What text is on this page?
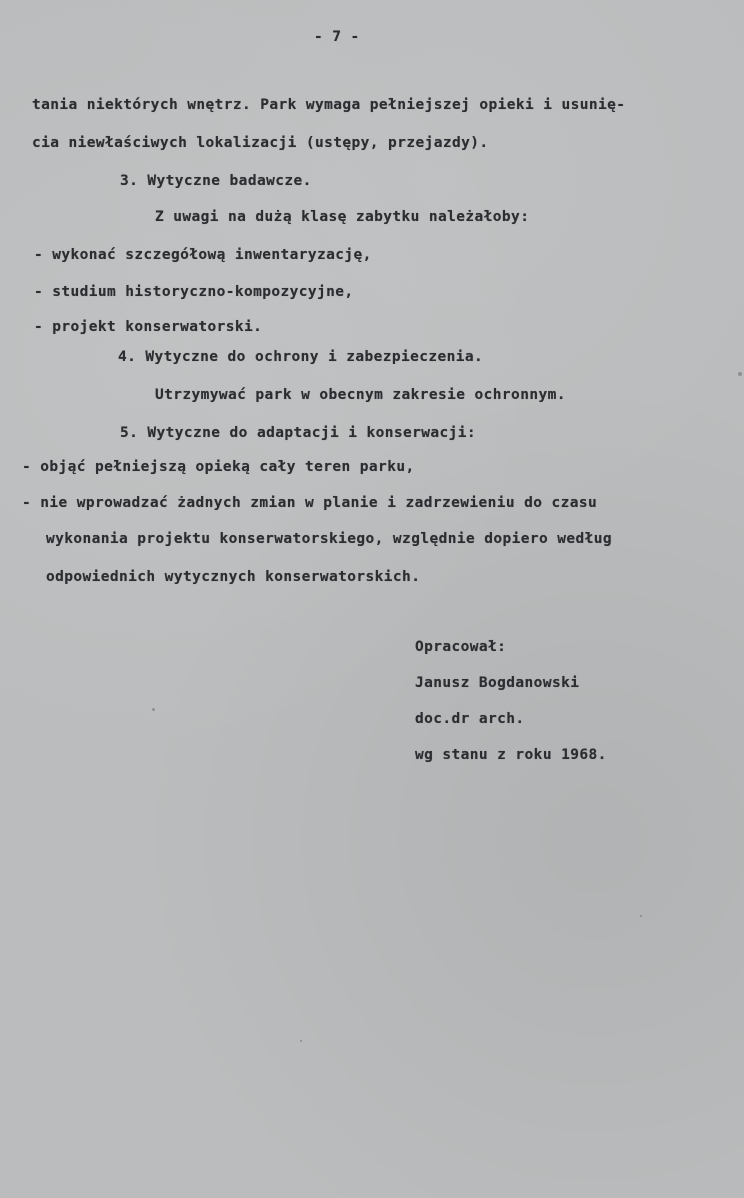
- 7 -
tania niektórych wnętrz. Park wymaga pełniejszej opieki i usunię-
cia niewłaściwych lokalizacji (ustępy, przejazdy).
3. Wytyczne badawcze.
Z uwagi na dużą klasę zabytku należałoby:
- wykonać szczegółową inwentaryzację,
- studium historyczno-kompozycyjne,
- projekt konserwatorski.
4. Wytyczne do ochrony i zabezpieczenia.
Utrzymywać park w obecnym zakresie ochronnym.
5. Wytyczne do adaptacji i konserwacji:
- objąć pełniejszą opieką cały teren parku,
- nie wprowadzać żadnych zmian w planie i zadrzewieniu do czasu
wykonania projektu konserwatorskiego, względnie dopiero według
odpowiednich wytycznych konserwatorskich.
Opracował:
Janusz Bogdanowski
doc.dr arch.
wg stanu z roku 1968.
